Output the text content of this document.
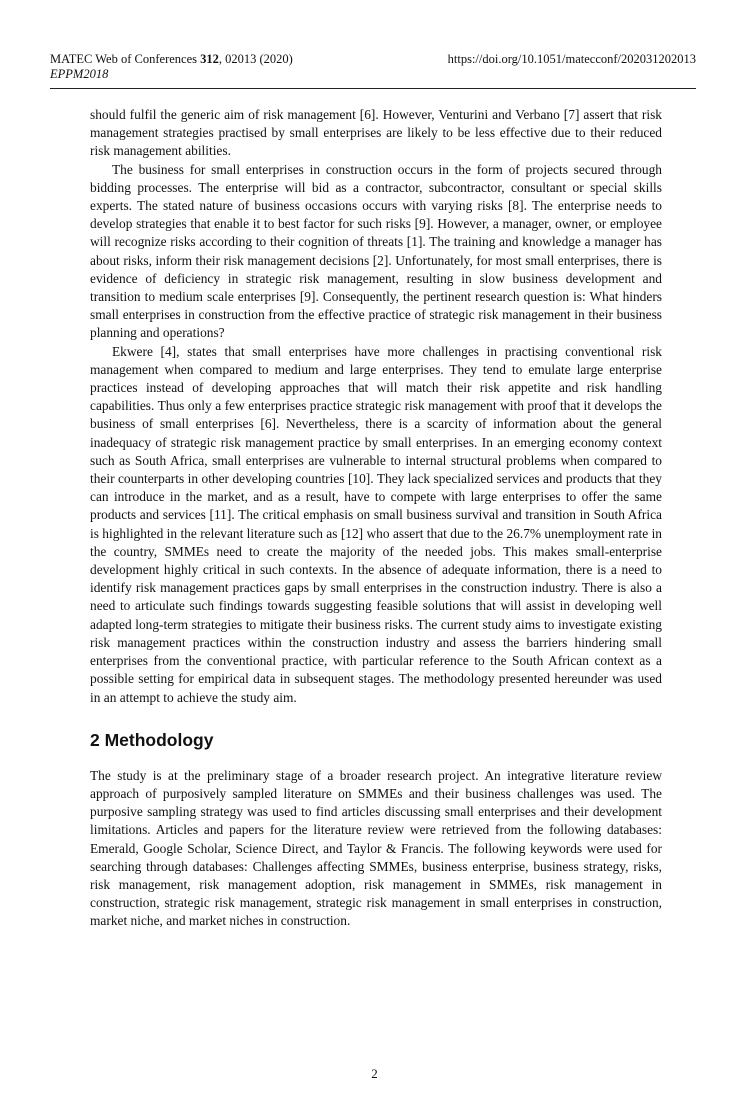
MATEC Web of Conferences 312, 02013 (2020)	https://doi.org/10.1051/matecconf/202031202013
EPPM2018

should fulfil the generic aim of risk management [6]. However, Venturini and Verbano [7] assert that risk management strategies practised by small enterprises are likely to be less effective due to their reduced risk management abilities.

The business for small enterprises in construction occurs in the form of projects secured through bidding processes. The enterprise will bid as a contractor, subcontractor, consultant or special skills experts. The stated nature of business occasions occurs with varying risks [8]. The enterprise needs to develop strategies that enable it to best factor for such risks [9]. However, a manager, owner, or employee will recognize risks according to their cognition of threats [1]. The training and knowledge a manager has about risks, inform their risk management decisions [2]. Unfortunately, for most small enterprises, there is evidence of deficiency in strategic risk management, resulting in slow business development and transition to medium scale enterprises [9]. Consequently, the pertinent research question is: What hinders small enterprises in construction from the effective practice of strategic risk management in their business planning and operations?

Ekwere [4], states that small enterprises have more challenges in practising conventional risk management when compared to medium and large enterprises. They tend to emulate large enterprise practices instead of developing approaches that will match their risk appetite and risk handling capabilities. Thus only a few enterprises practice strategic risk management with proof that it develops the business of small enterprises [6]. Nevertheless, there is a scarcity of information about the general inadequacy of strategic risk management practice by small enterprises. In an emerging economy context such as South Africa, small enterprises are vulnerable to internal structural problems when compared to their counterparts in other developing countries [10]. They lack specialized services and products that they can introduce in the market, and as a result, have to compete with large enterprises to offer the same products and services [11]. The critical emphasis on small business survival and transition in South Africa is highlighted in the relevant literature such as [12] who assert that due to the 26.7% unemployment rate in the country, SMMEs need to create the majority of the needed jobs. This makes small-enterprise development highly critical in such contexts. In the absence of adequate information, there is a need to identify risk management practices gaps by small enterprises in the construction industry. There is also a need to articulate such findings towards suggesting feasible solutions that will assist in developing well adapted long-term strategies to mitigate their business risks. The current study aims to investigate existing risk management practices within the construction industry and assess the barriers hindering small enterprises from the conventional practice, with particular reference to the South African context as a possible setting for empirical data in subsequent stages. The methodology presented hereunder was used in an attempt to achieve the study aim.

2 Methodology

The study is at the preliminary stage of a broader research project. An integrative literature review approach of purposively sampled literature on SMMEs and their business challenges was used. The purposive sampling strategy was used to find articles discussing small enterprises and their development limitations. Articles and papers for the literature review were retrieved from the following databases: Emerald, Google Scholar, Science Direct, and Taylor & Francis. The following keywords were used for searching through databases: Challenges affecting SMMEs, business enterprise, business strategy, risks, risk management, risk management adoption, risk management in SMMEs, risk management in construction, strategic risk management, strategic risk management in small enterprises in construction, market niche, and market niches in construction.

2
